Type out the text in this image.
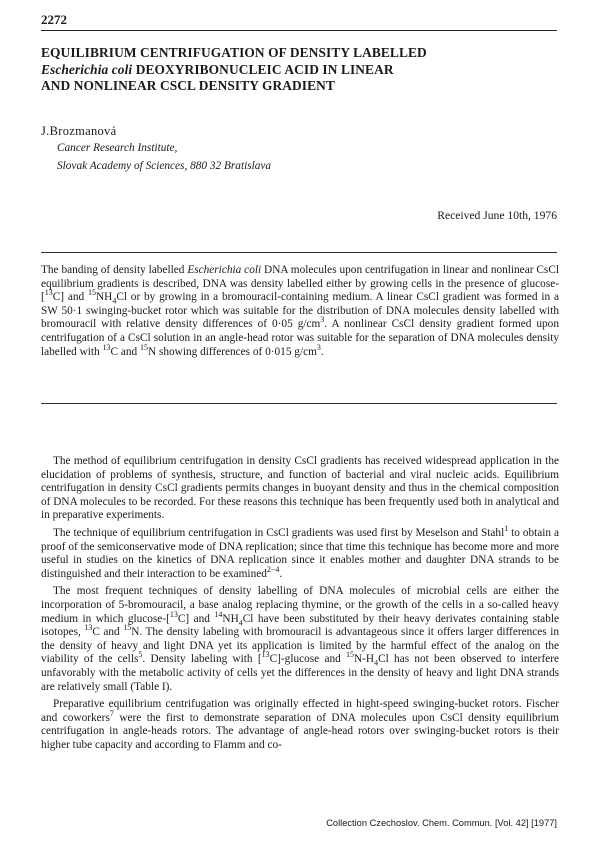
2272
EQUILIBRIUM CENTRIFUGATION OF DENSITY LABELLED
Escherichia coli DEOXYRIBONUCLEIC ACID IN LINEAR
AND NONLINEAR CSCL DENSITY GRADIENT
J.Brozmanová
Cancer Research Institute,
Slovak Academy of Sciences, 880 32 Bratislava
Received June 10th, 1976
The banding of density labelled Escherichia coli DNA molecules upon centrifugation in linear and nonlinear CsCl equilibrium gradients is described, DNA was density labelled either by growing cells in the presence of glucose-[$^{13}$C] and $^{15}NH_4Cl$ or by growing in a bromouracil-containing medium. A linear CsCl gradient was formed in a SW 50·1 swinging-bucket rotor which was suitable for the distribution of DNA molecules density labelled with bromouracil with relative density differences of 0·05 $g/cm^3$. A nonlinear CsCl density gradient formed upon centrifugation of a CsCl solution in an angle-head rotor was suitable for the separation of DNA molecules density labelled with $^{13}$C and $^{15}$N showing differences of 0·015 $g/cm^3$.

The method of equilibrium centrifugation in density CsCl gradients has received widespread application in the elucidation of problems of synthesis, structure, and function of bacterial and viral nucleic acids. Equilibrium centrifugation in density CsCl gradients permits changes in buoyant density and thus in the chemical composition of DNA molecules to be recorded. For these reasons this technique has been frequently used both in analytical and in preparative experiments.

The technique of equilibrium centrifugation in CsCl gradients was used first by Meselson and Stahl$^1$ to obtain a proof of the semiconservative mode of DNA replication; since that time this technique has become more and more useful in studies on the kinetics of DNA replication since it enables mother and daughter DNA strands to be distinguished and their interaction to be examined$^{2-4}$.

The most frequent techniques of density labelling of DNA molecules of microbial cells are either the incorporation of 5-bromouracil, a base analog replacing thymine, or the growth of the cells in a so-called heavy medium in which glucose-[$^{13}$C] and $^{14}NH_4Cl$ have been substituted by their heavy derivates containing stable isotopes, $^{13}$C and $^{15}$N. The density labeling with bromouracil is advantageous since it offers larger differences in the density of heavy and light DNA yet its application is limited by the harmful effect of the analog on the viability of the cells$^5$. Density labeling with [$^{13}$C]-glucose and $^{15}N-H_4Cl$ has not been observed to interfere unfavorably with the metabolic activity of cells yet the differences in the density of heavy and light DNA strands are relatively small (Table I).

Preparative equilibrium centrifugation was originally effected in hight-speed swinging-bucket rotors. Fischer and coworkers$^7$ were the first to demonstrate separation of DNA molecules upon CsCl density equilibrium centrifugation in angle-heads rotors. The advantage of angle-head rotors over swinging-bucket rotors is their higher tube capacity and according to Flamm and co-

Collection Czechoslov. Chem. Commun. [Vol. 42] [1977]
